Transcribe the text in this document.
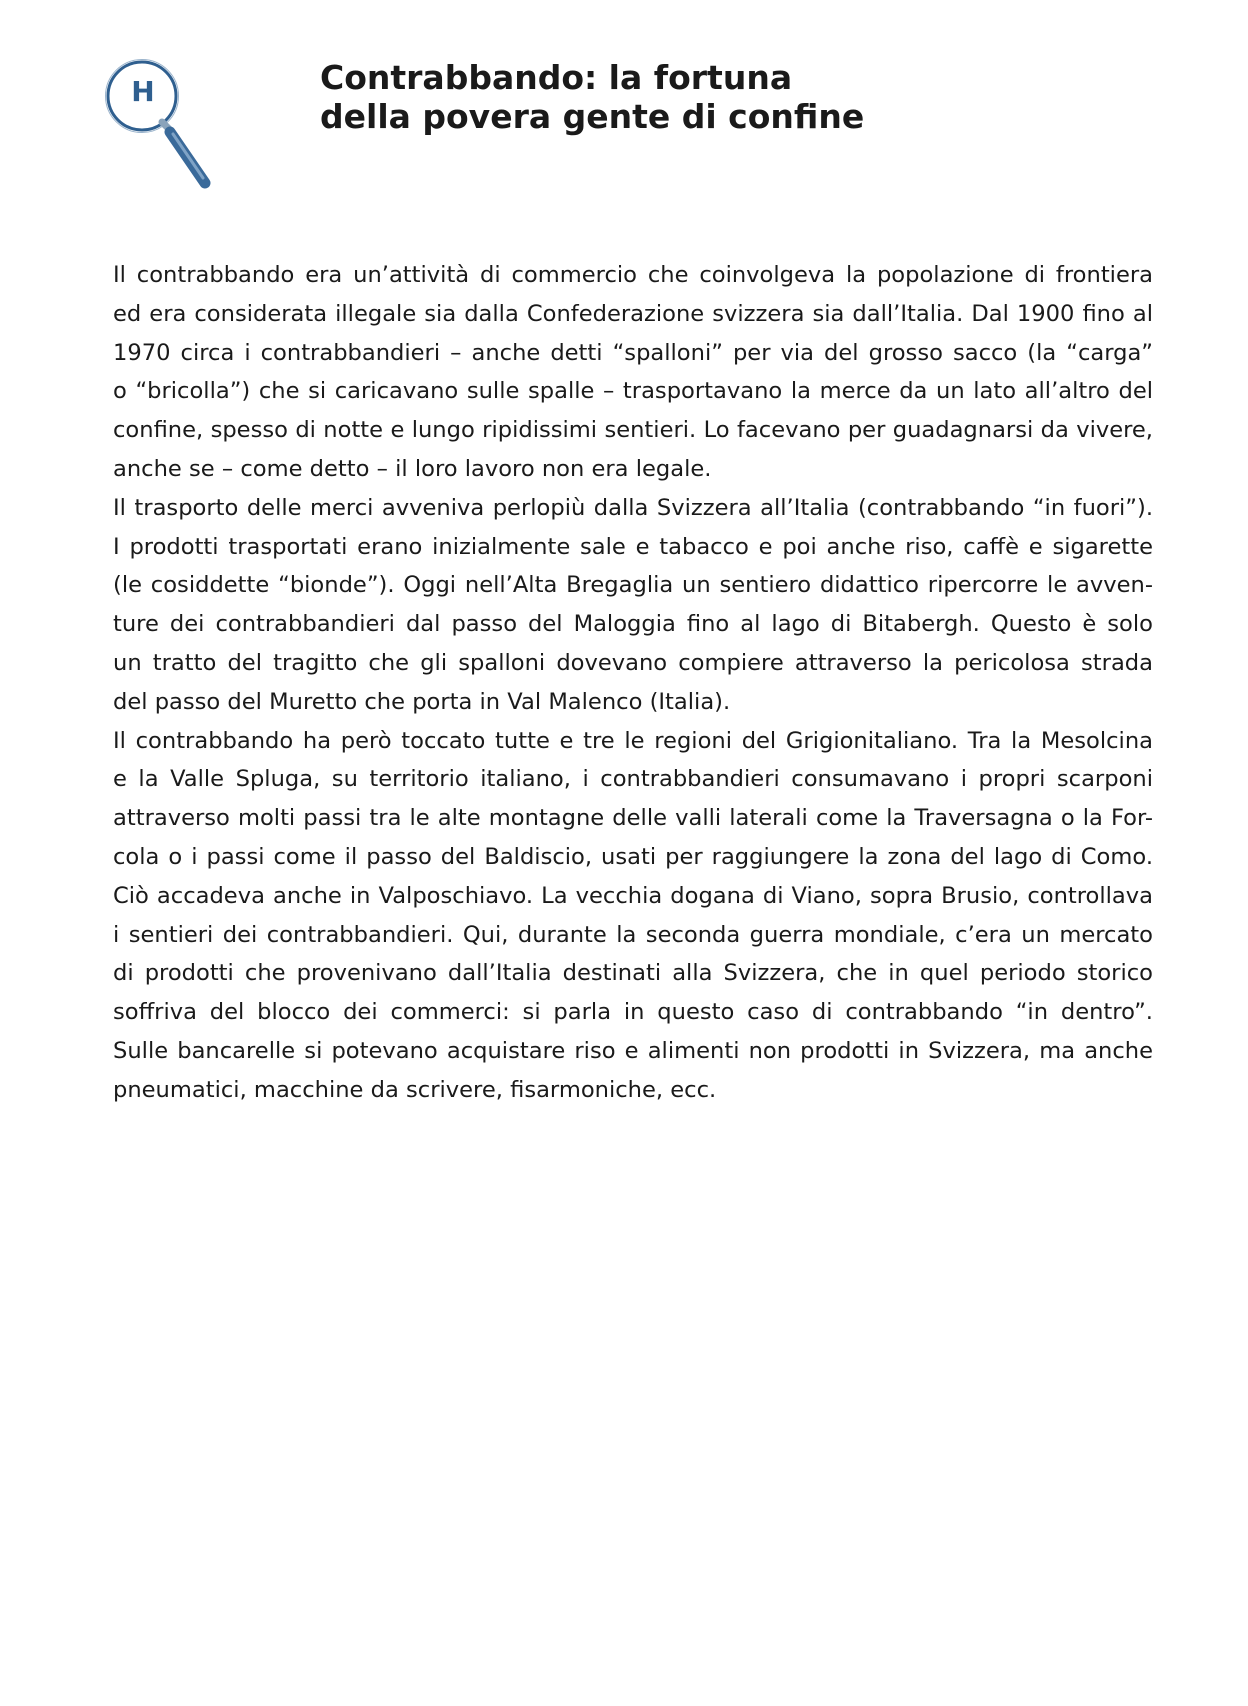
H	Contrabbando: la fortuna
della povera gente di confine
Il contrabbando era un’attività di commercio che coinvolgeva la popolazione di frontiera
ed era considerata illegale sia dalla Confederazione svizzera sia dall’Italia. Dal 1900 fino al
1970 circa i contrabbandieri – anche detti “spalloni” per via del grosso sacco (la “carga”
o “bricolla”) che si caricavano sulle spalle – trasportavano la merce da un lato all’altro del
confine, spesso di notte e lungo ripidissimi sentieri. Lo facevano per guadagnarsi da vivere,
anche se – come detto – il loro lavoro non era legale.
Il trasporto delle merci avveniva perlopiù dalla Svizzera all’Italia (contrabbando “in fuori”).
I prodotti trasportati erano inizialmente sale e tabacco e poi anche riso, caffè e sigarette
(le cosiddette “bionde”). Oggi nell’Alta Bregaglia un sentiero didattico ripercorre le avven-
ture dei contrabbandieri dal passo del Maloggia fino al lago di Bitabergh. Questo è solo
un tratto del tragitto che gli spalloni dovevano compiere attraverso la pericolosa strada
del passo del Muretto che porta in Val Malenco (Italia).
Il contrabbando ha però toccato tutte e tre le regioni del Grigionitaliano. Tra la Mesolcina
e la Valle Spluga, su territorio italiano, i contrabbandieri consumavano i propri scarponi
attraverso molti passi tra le alte montagne delle valli laterali come la Traversagna o la For-
cola o i passi come il passo del Baldiscio, usati per raggiungere la zona del lago di Como.
Ciò accadeva anche in Valposchiavo. La vecchia dogana di Viano, sopra Brusio, controllava
i sentieri dei contrabbandieri. Qui, durante la seconda guerra mondiale, c’era un mercato
di prodotti che provenivano dall’Italia destinati alla Svizzera, che in quel periodo storico
soffriva del blocco dei commerci: si parla in questo caso di contrabbando “in dentro”.
Sulle bancarelle si potevano acquistare riso e alimenti non prodotti in Svizzera, ma anche
pneumatici, macchine da scrivere, fisarmoniche, ecc.
